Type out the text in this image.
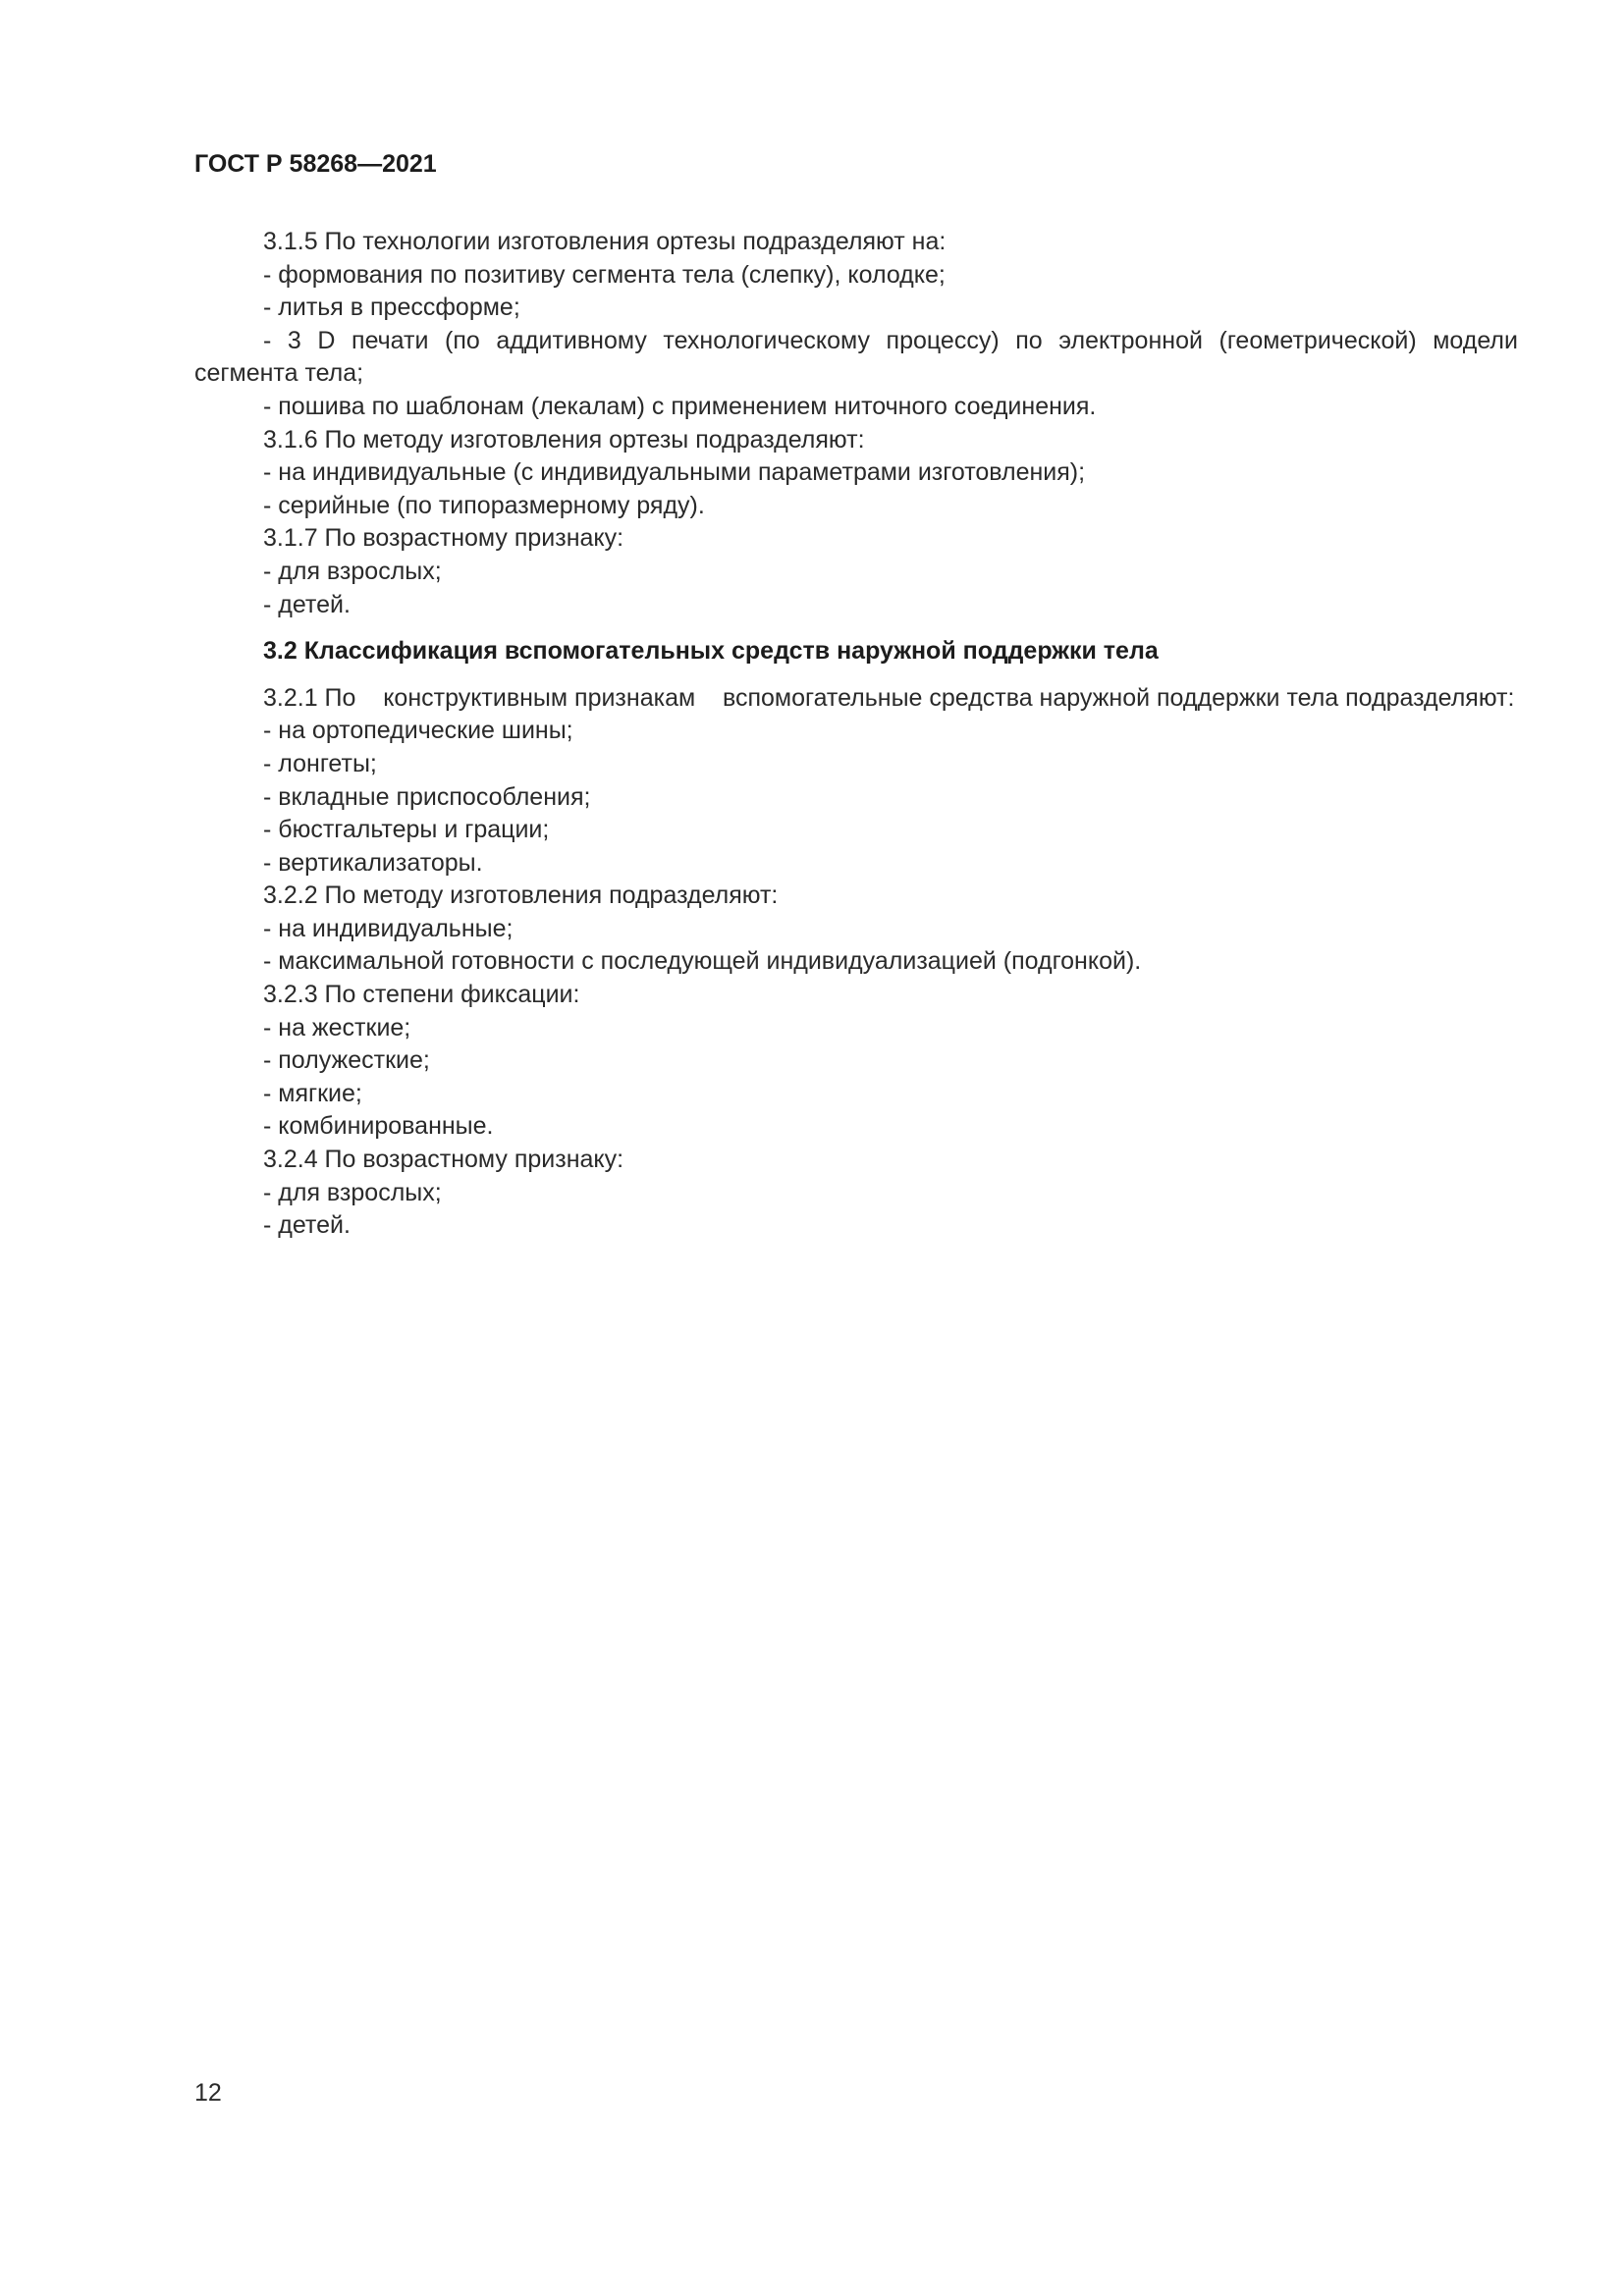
ГОСТ Р 58268—2021

3.1.5 По технологии изготовления ортезы подразделяют на:

- формования по позитиву сегмента тела (слепку), колодке;

- литья в прессформе;

- 3 D печати (по аддитивному технологическому процессу) по электронной (геометрической) модели сегмента тела;

- пошива по шаблонам (лекалам) с применением ниточного соединения.

3.1.6 По методу изготовления ортезы подразделяют:

- на индивидуальные (с индивидуальными параметрами изготовления);

- серийные (по типоразмерному ряду).

3.1.7 По возрастному признаку:

- для взрослых;

- детей.

3.2 Классификация вспомогательных средств наружной поддержки тела

3.2.1 По    конструктивным признакам    вспомогательные средства наружной поддержки тела подразделяют:

- на ортопедические шины;

- лонгеты;

- вкладные приспособления;

- бюстгальтеры и грации;

- вертикализаторы.

3.2.2 По методу изготовления подразделяют:

- на индивидуальные;

- максимальной готовности с последующей индивидуализацией (подгонкой).

3.2.3 По степени фиксации:

- на жесткие;

- полужесткие;

- мягкие;

- комбинированные.

3.2.4 По возрастному признаку:

- для взрослых;

- детей.

12
